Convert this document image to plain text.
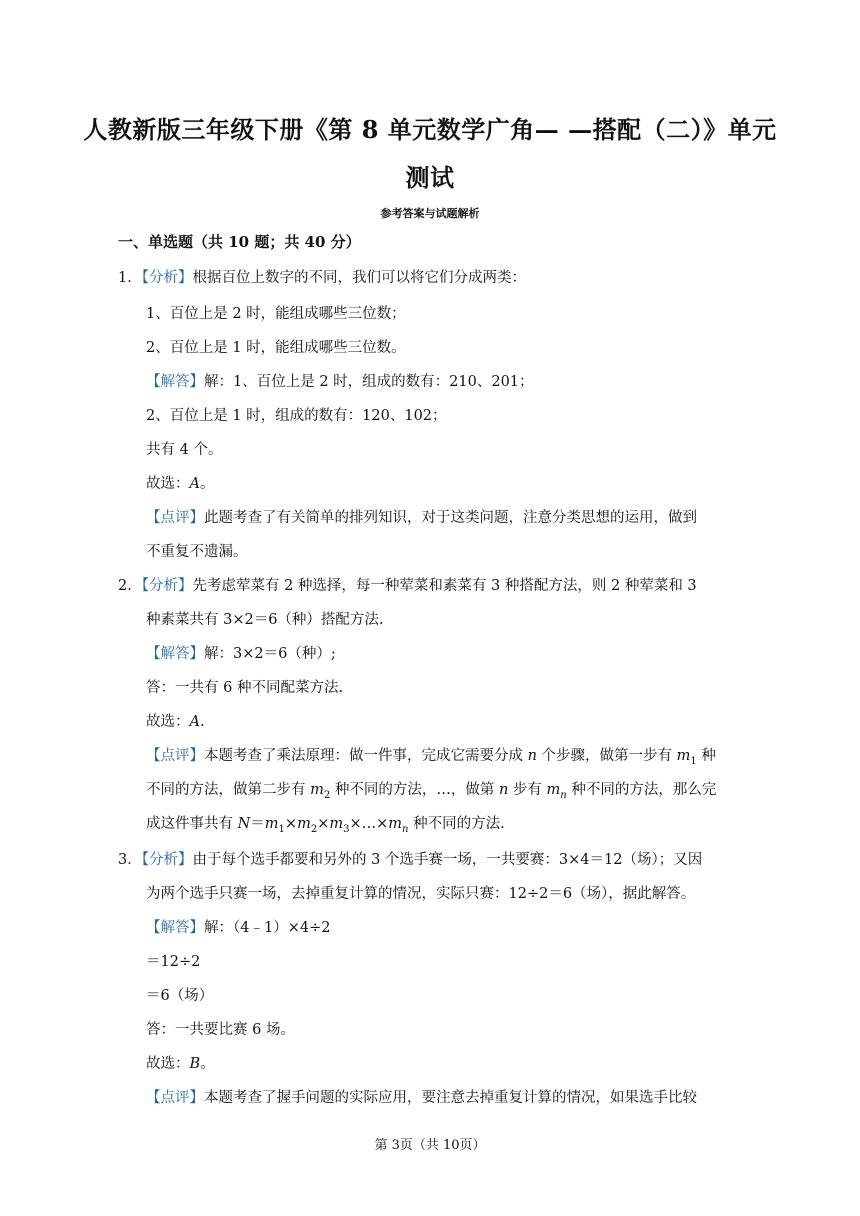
人教新版三年级下册《第 8 单元数学广角— —搭配（二）》单元
测试
参考答案与试题解析
一、单选题（共 10 题；共 40 分）
1．【分析】根据百位上数字的不同，我们可以将它们分成两类：
1、百位上是 2 时，能组成哪些三位数；
2、百位上是 1 时，能组成哪些三位数。
【解答】解：1、百位上是 2 时，组成的数有：210、201；
2、百位上是 1 时，组成的数有：120、102；
共有 4 个。
故选：A。
【点评】此题考查了有关简单的排列知识，对于这类问题，注意分类思想的运用，做到
不重复不遗漏。
2．【分析】先考虑荤菜有 2 种选择，每一种荤菜和素菜有 3 种搭配方法，则 2 种荤菜和 3
种素菜共有 3×2＝6（种）搭配方法.
【解答】解：3×2＝6（种）;
答：一共有 6 种不同配菜方法.
故选：A.
【点评】本题考查了乘法原理：做一件事，完成它需要分成 n 个步骤，做第一步有 $m_1$ 种
不同的方法，做第二步有 $m_2$ 种不同的方法，…，做第 n 步有 $m_n$ 种不同的方法，那么完
成这件事共有 $N=m_1\times m_2\times m_3\times\dots\times m_n$ 种不同的方法.
3．【分析】由于每个选手都要和另外的 3 个选手赛一场，一共要赛：3×4＝12（场）；又因
为两个选手只赛一场，去掉重复计算的情况，实际只赛：12÷2＝6（场），据此解答。
【解答】解：（4﹣1）×4÷2
＝12÷2
＝6（场）
答：一共要比赛 6 场。
故选：B。
【点评】本题考查了握手问题的实际应用，要注意去掉重复计算的情况，如果选手比较
第 3页（共 10页）
